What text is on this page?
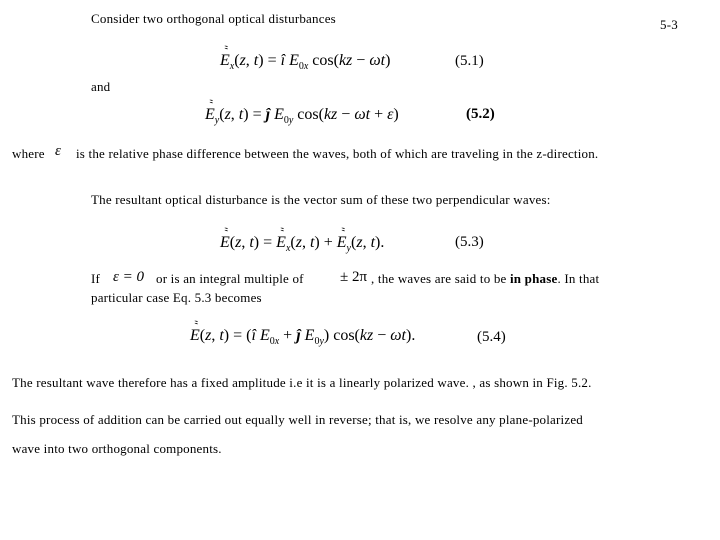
Consider two orthogonal optical disturbances	5-3
″ $E_x(z$, t) = î $E_{0x}$ cos(kz − ωt)	(5.1)
and
″ $E_y(z$, t) = ĵ $E_{0y}$ cos(kz − ωt + ε)	(5.2)
where ε is the relative phase difference between the waves, both of which are traveling in the z-direction.
The resultant optical disturbance is the vector sum of these two perpendicular waves:
″ E(z, t) = ″ $E_x(z$, t) + ″ $E_y(z$, t).	(5.3)
If ε = 0 or is an integral multiple of ± 2π , the waves are said to be in phase. In that
particular case Eq. 5.3 becomes
″ E(z, t) = (î $E_{0x}$ + ĵ $E_{0y}$) cos(kz − ωt).	(5.4)
The resultant wave therefore has a fixed amplitude i.e it is a linearly polarized wave. , as shown in Fig. 5.2.
This process of addition can be carried out equally well in reverse; that is, we resolve any plane-polarized
wave into two orthogonal components.
